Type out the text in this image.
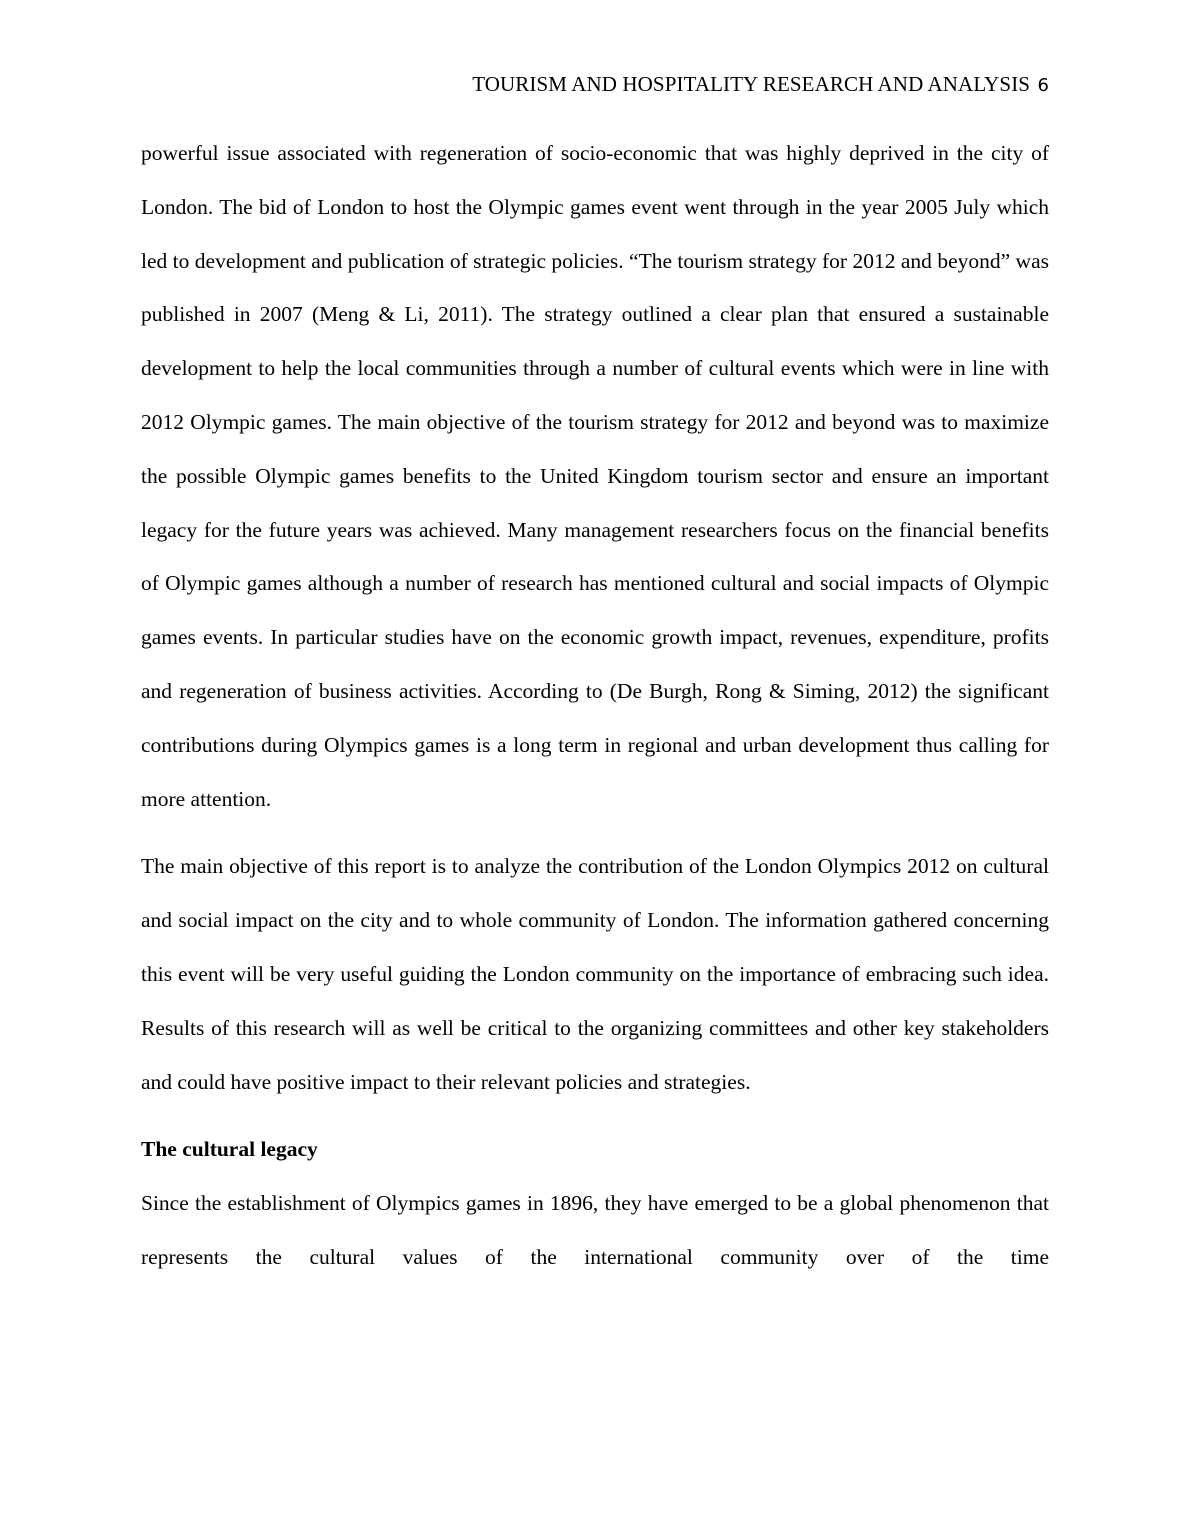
TOURISM AND HOSPITALITY RESEARCH AND ANALYSIS 6

powerful issue associated with regeneration of socio-economic that was highly deprived in the city of London. The bid of London to host the Olympic games event went through in the year 2005 July which led to development and publication of strategic policies. “The tourism strategy for 2012 and beyond” was published in 2007 (Meng & Li, 2011). The strategy outlined a clear plan that ensured a sustainable development to help the local communities through a number of cultural events which were in line with 2012 Olympic games. The main objective of the tourism strategy for 2012 and beyond was to maximize the possible Olympic games benefits to the United Kingdom tourism sector and ensure an important legacy for the future years was achieved. Many management researchers focus on the financial benefits of Olympic games although a number of research has mentioned cultural and social impacts of Olympic games events. In particular studies have on the economic growth impact, revenues, expenditure, profits and regeneration of business activities. According to (De Burgh, Rong & Siming, 2012) the significant contributions during Olympics games is a long term in regional and urban development thus calling for more attention.

The main objective of this report is to analyze the contribution of the London Olympics 2012 on cultural and social impact on the city and to whole community of London. The information gathered concerning this event will be very useful guiding the London community on the importance of embracing such idea. Results of this research will as well be critical to the organizing committees and other key stakeholders and could have positive impact to their relevant policies and strategies.

The cultural legacy

Since the establishment of Olympics games in 1896, they have emerged to be a global phenomenon that represents the cultural values of the international community over of the time
